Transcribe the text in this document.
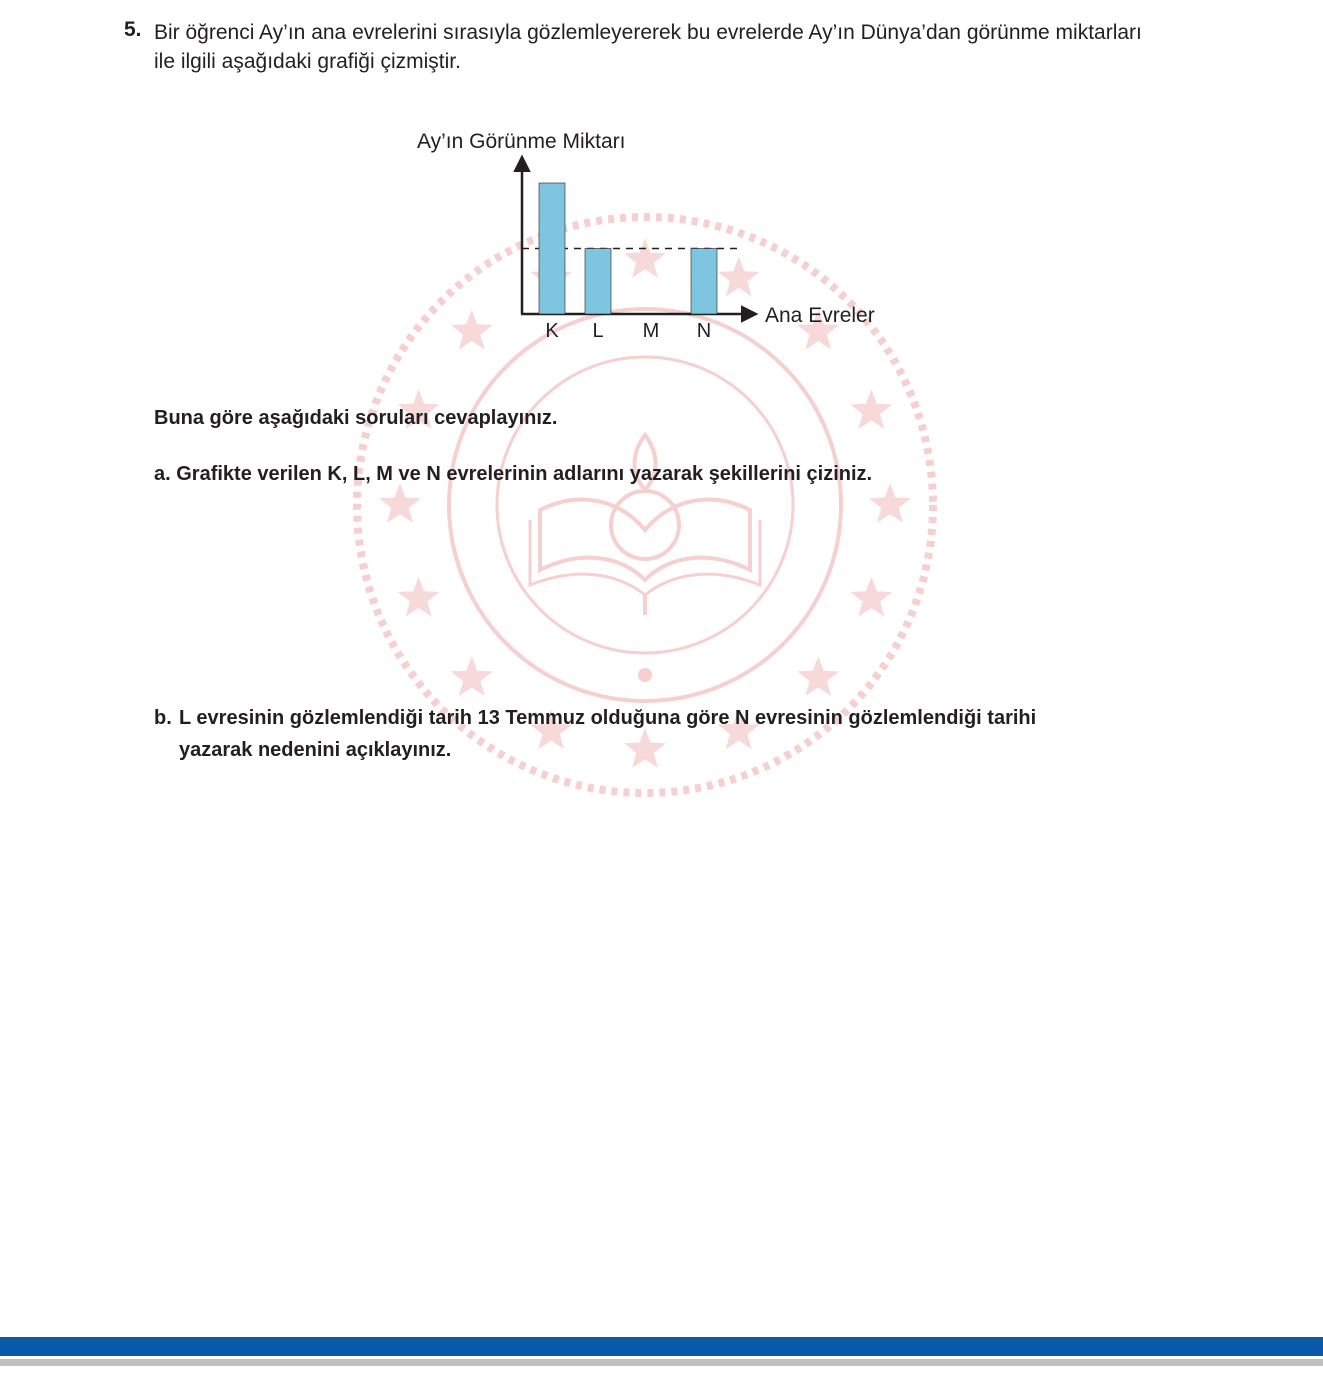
5. Bir öğrenci Ay’ın ana evrelerini sırasıyla gözlemleyererek bu evrelerde Ay’ın Dünya’dan görünme miktarları
ile ilgili aşağıdaki grafiği çizmiştir.
Ay’ın Görünme Miktarı
K L M N
Ana Evreler
Buna göre aşağıdaki soruları cevaplayınız.
a. Grafikte verilen K, L, M ve N evrelerinin adlarını yazarak şekillerini çiziniz.
b. L evresinin gözlemlendiği tarih 13 Temmuz olduğuna göre N evresinin gözlemlendiği tarihi
yazarak nedenini açıklayınız.
